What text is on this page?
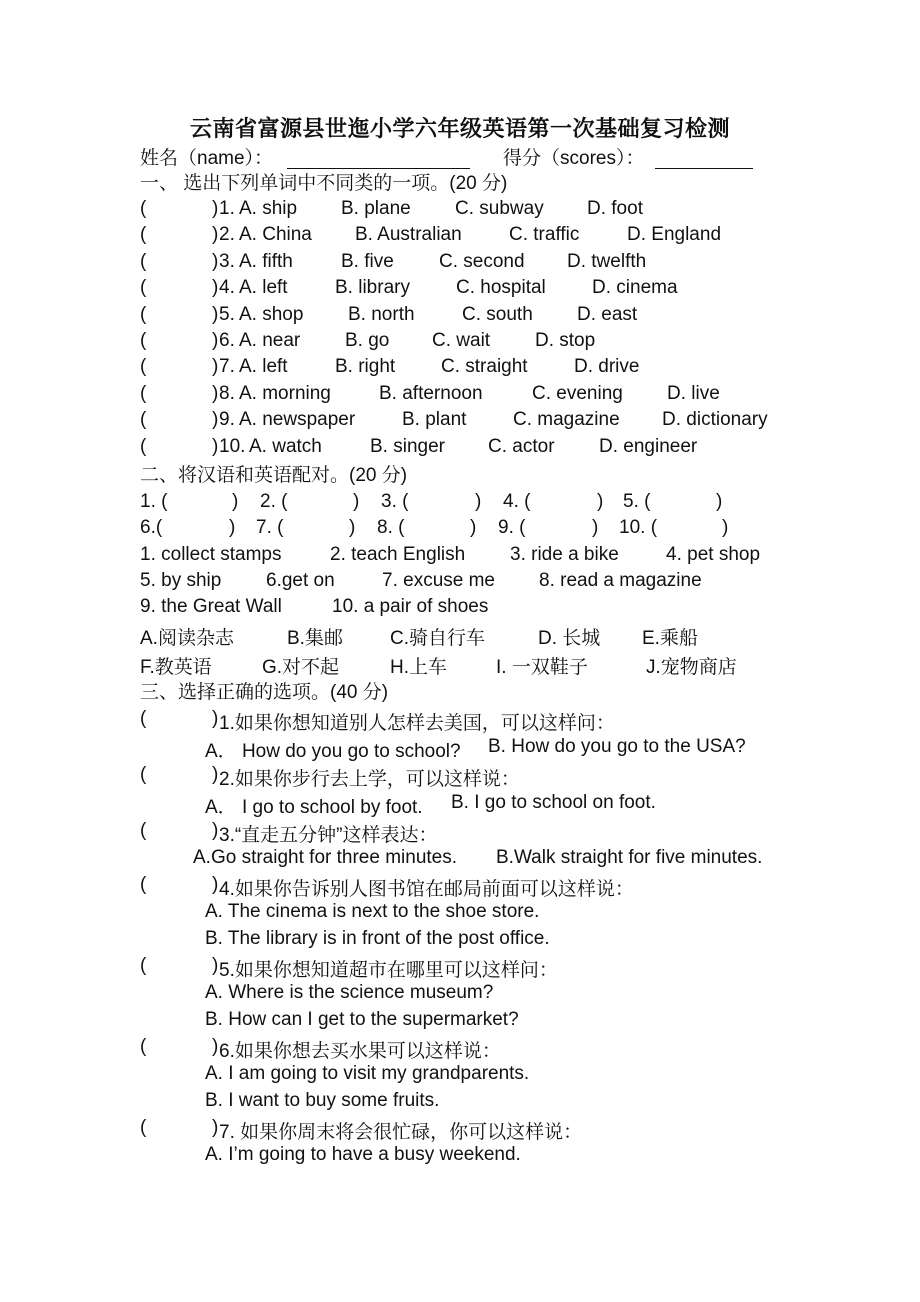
云南省富源县世迤小学六年级英语第一次基础复习检测
姓名（name）：	得分（scores）：
一、 选出下列单词中不同类的一项。(20 分)
(	) 1. A. ship B. plane C. subway D. foot
(	) 2. A. China B. Australian C. traffic	D. England
(	) 3. A. fifth	B. five C. second D. twelfth
(	) 4. A. left B. library C. hospital D. cinema
(	) 5. A. shop B. north C. south D. east
(	) 6. A. near B. go C. wait D. stop
(	) 7. A. left B. right C. straight D. drive
(	) 8. A. morning	B. afternoon	C. evening D. live
(	) 9. A. newspaper B. plant C. magazine D. dictionary
(	) 10. A. watch	B. singer C. actor D. engineer
二、将汉语和英语配对。(20 分)
1. (	) 2. (	) 3. (	) 4. (	) 5. (	)
6.(	) 7. (	) 8. (	) 9. (	) 10. (	)
1. collect stamps	2. teach English 3. ride a bike 4. pet shop
5. by ship 6.get on 7. excuse me 8. read a magazine
9. the Great Wall	10. a pair of shoes
A.阅读杂志	B.集邮 C.骑自行车	D. 长城 E.乘船
F.教英语	G.对不起	H.上车	I. 一双鞋子	J.宠物商店
三、选择正确的选项。(40 分)
(	) 1.如果你想知道别人怎样去美国，可以这样问：
A． How do you go to school? B. How do you go to the USA?
(	) 2.如果你步行去上学，可以这样说：
A． I go to school by foot. B. I go to school on foot.
(	) 3.“直走五分钟”这样表达：
A.Go straight for three minutes. B.Walk straight for five minutes.
(	) 4.如果你告诉别人图书馆在邮局前面可以这样说：
A. The cinema is next to the shoe store.
B. The library is in front of the post office.
(	) 5.如果你想知道超市在哪里可以这样问：
A. Where is the science museum?
B. How can I get to the supermarket?
(	) 6.如果你想去买水果可以这样说：
A. I am going to visit my grandparents.
B. I want to buy some fruits.
(	) 7. 如果你周末将会很忙碌，你可以这样说：
A. I’m going to have a busy weekend.
